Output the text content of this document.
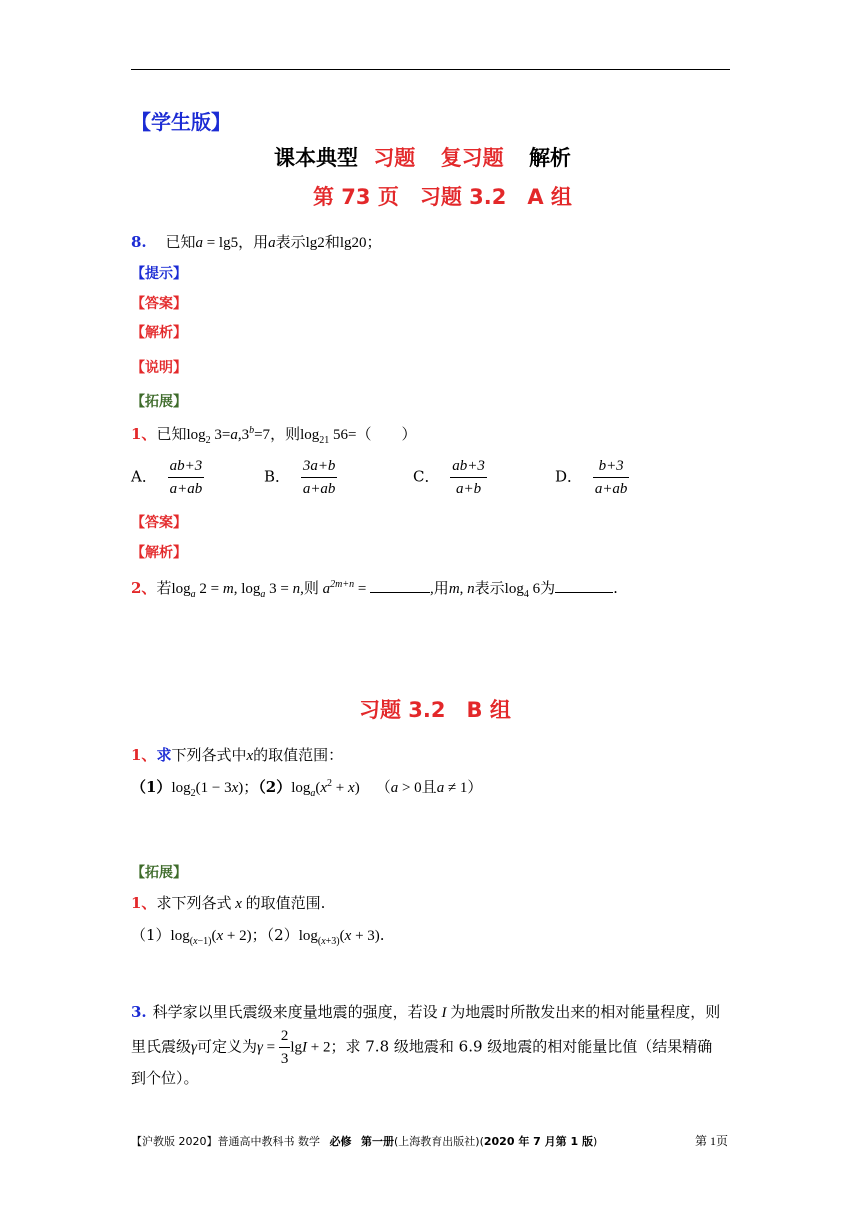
【学生版】
课本典型 习题 复习题 解析
第 73 页　习题 3.2　A 组
8. 已知a = lg5，用a表示lg2和lg20；
【提示】
【答案】
【解析】
【说明】
【拓展】
1、已知$\log_2 3=a,3^b=7$，则$\log_{21} 56=$（　　）
A． $\frac{ab+3}{a+ab}$	B． $\frac{3a+b}{a+ab}$	C． $\frac{ab+3}{a+b}$	D． $\frac{b+3}{a+ab}$
【答案】
【解析】
2、若$\log_a 2 = m$, $\log_a 3 = n$,则 $a^{2m+n}$ =	,用m, n表示$\log_4 6$为	.
习题 3.2　B 组
1、求下列各式中x的取值范围：
$(1)\log_2(1 - 3x)$；$(2)\log_a(x^2 + x) (a > 0$且a ≠ 1）
【拓展】
1、求下列各式 x 的取值范围.
$(1)\log_{(x-1)}(x + 2)$；$(2)\log_{(x+3)}(x + 3)$.
3. 科学家以里氏震级来度量地震的强度，若设 I 为地震时所散发出来的相对能量程度，则
里氏震级γ可定义为$\gamma = \frac{2}{3}$ lgI + 2；求 7.8 级地震和 6.9 级地震的相对能量比值（结果精确
到个位）。
【沪教版 2020】普通高中教科书 数学 必修 第一册(上海教育出版社)(2020 年 7 月第 1 版)	第 1页
